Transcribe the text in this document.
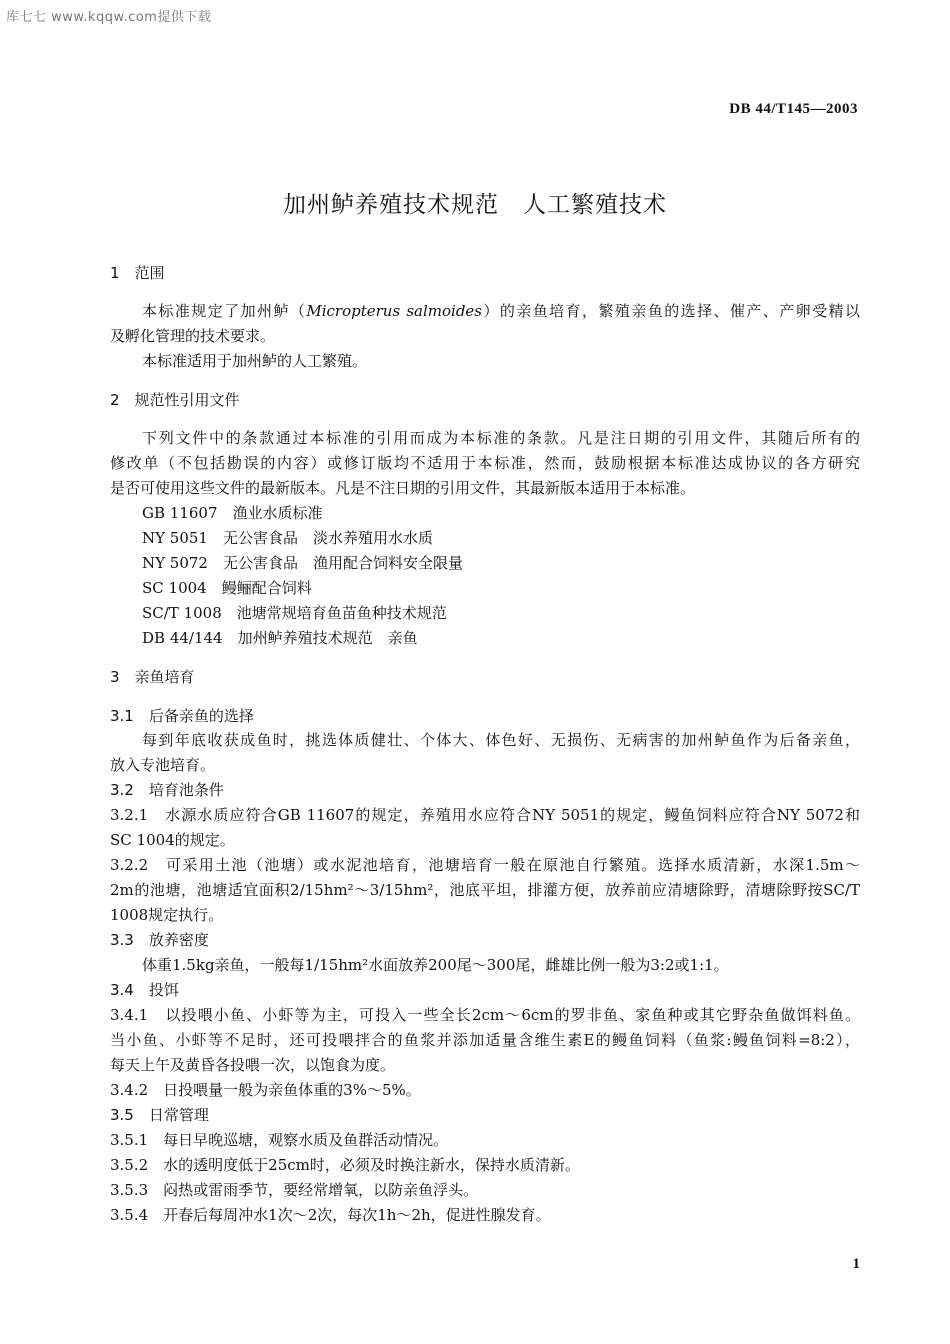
库七七 www.kqqw.com提供下载
DB 44/T145—2003
加州鲈养殖技术规范　人工繁殖技术
1　范围
本标准规定了加州鲈（Micropterus salmoides）的亲鱼培育，繁殖亲鱼的选择、催产、产卵受精以
及孵化管理的技术要求。
本标准适用于加州鲈的人工繁殖。
2　规范性引用文件
下列文件中的条款通过本标准的引用而成为本标准的条款。凡是注日期的引用文件，其随后所有的
修改单（不包括勘误的内容）或修订版均不适用于本标准，然而，鼓励根据本标准达成协议的各方研究
是否可使用这些文件的最新版本。凡是不注日期的引用文件，其最新版本适用于本标准。
GB 11607　渔业水质标准
NY 5051　无公害食品　淡水养殖用水水质
NY 5072　无公害食品　渔用配合饲料安全限量
SC 1004　鳗鲡配合饲料
SC/T 1008　池塘常规培育鱼苗鱼种技术规范
DB 44/144　加州鲈养殖技术规范　亲鱼
3　亲鱼培育
3.1　后备亲鱼的选择
每到年底收获成鱼时，挑选体质健壮、个体大、体色好、无损伤、无病害的加州鲈鱼作为后备亲鱼，
放入专池培育。
3.2　培育池条件
3.2.1　水源水质应符合GB 11607的规定，养殖用水应符合NY 5051的规定，鳗鱼饲料应符合NY 5072和
SC 1004的规定。
3.2.2　可采用土池（池塘）或水泥池培育，池塘培育一般在原池自行繁殖。选择水质清新，水深1.5m～
2m的池塘，池塘适宜面积2/15hm²～3/15hm²，池底平坦，排灌方便，放养前应清塘除野，清塘除野按SC/T
1008规定执行。
3.3　放养密度
体重1.5kg亲鱼，一般每1/15hm²水面放养200尾～300尾，雌雄比例一般为3:2或1:1。
3.4　投饵
3.4.1　以投喂小鱼、小虾等为主，可投入一些全长2cm～6cm的罗非鱼、家鱼种或其它野杂鱼做饵料鱼。
当小鱼、小虾等不足时，还可投喂拌合的鱼浆并添加适量含维生素E的鳗鱼饲料（鱼浆:鳗鱼饲料=8:2），
每天上午及黄昏各投喂一次，以饱食为度。
3.4.2　日投喂量一般为亲鱼体重的3%～5%。
3.5　日常管理
3.5.1　每日早晚巡塘，观察水质及鱼群活动情况。
3.5.2　水的透明度低于25cm时，必须及时换注新水，保持水质清新。
3.5.3　闷热或雷雨季节，要经常增氧，以防亲鱼浮头。
3.5.4　开春后每周冲水1次～2次，每次1h～2h，促进性腺发育。
1
